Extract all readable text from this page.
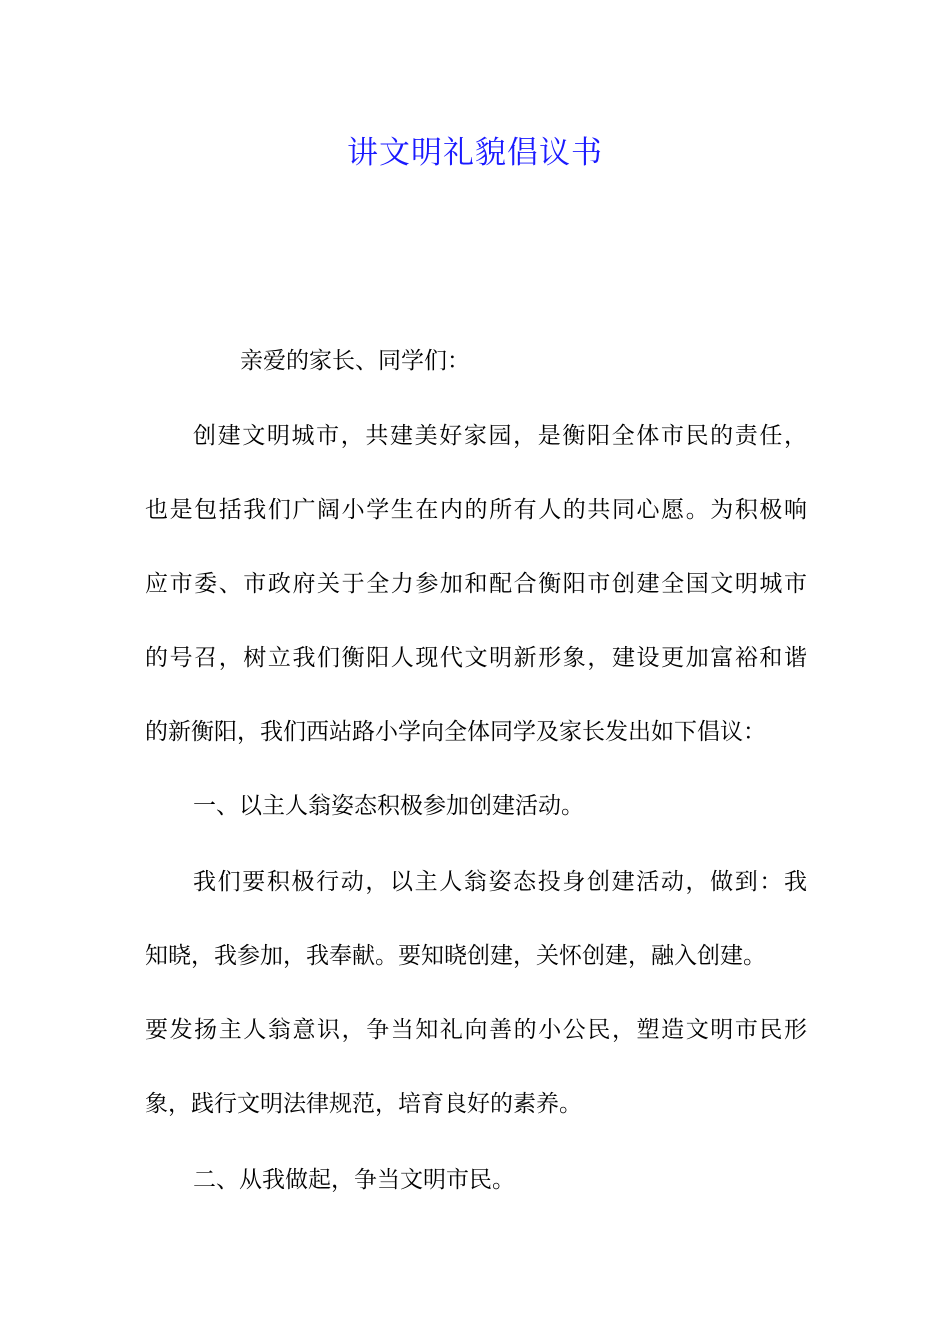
讲文明礼貌倡议书

亲爱的家长、同学们：

创建文明城市，共建美好家园，是衡阳全体市民的责任，

也是包括我们广阔小学生在内的所有人的共同心愿。为积极响

应市委、市政府关于全力参加和配合衡阳市创建全国文明城市

的号召，树立我们衡阳人现代文明新形象，建设更加富裕和谐

的新衡阳，我们西站路小学向全体同学及家长发出如下倡议：

一、以主人翁姿态积极参加创建活动。

我们要积极行动，以主人翁姿态投身创建活动，做到：我

知晓，我参加，我奉献。要知晓创建，关怀创建，融入创建。

要发扬主人翁意识，争当知礼向善的小公民，塑造文明市民形

象，践行文明法律规范，培育良好的素养。

二、从我做起，争当文明市民。
